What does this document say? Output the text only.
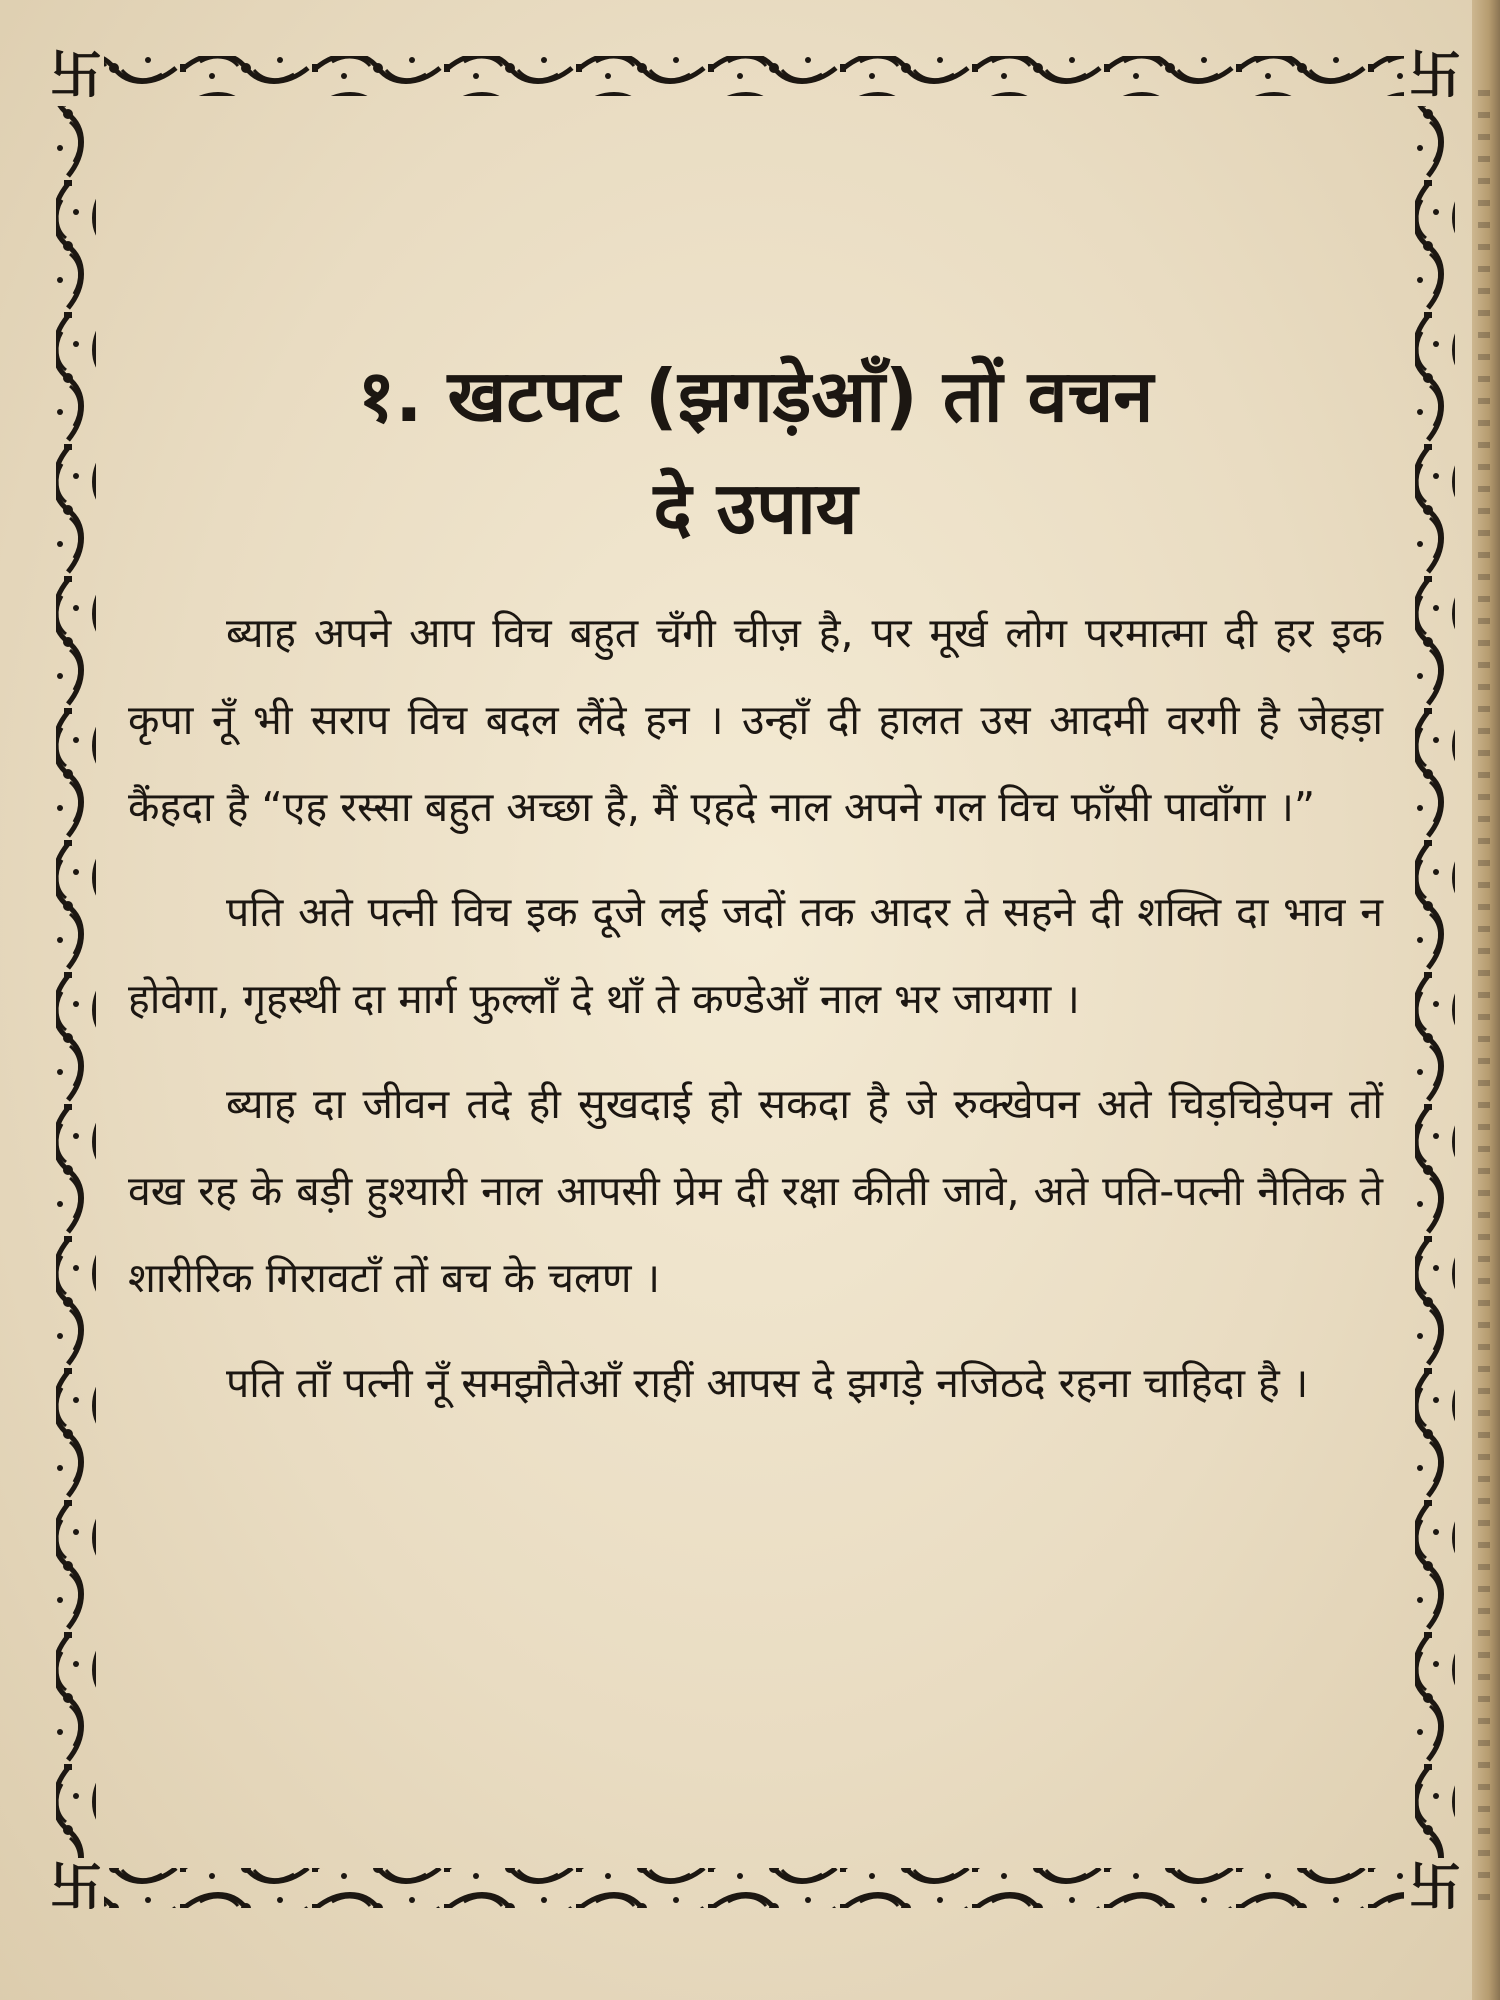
卐	卐
卐	卐
१. खटपट (झगड़ेआँ) तों वचन
दे उपाय

ब्याह अपने आप विच बहुत चँगी चीज़ है, पर मूर्ख लोग परमात्मा दी हर इक कृपा नूँ भी सराप विच बदल लैंदे हन । उन्हाँ दी हालत उस आदमी वरगी है जेहड़ा कैंहदा है “एह रस्सा बहुत अच्छा है, मैं एहदे नाल अपने गल विच फाँसी पावाँगा ।”

पति अते पत्नी विच इक दूजे लई जदों तक आदर ते सहने दी शक्ति दा भाव न होवेगा, गृहस्थी दा मार्ग फुल्लाँ दे थाँ ते कण्डेआँ नाल भर जायगा ।

ब्याह दा जीवन तदे ही सुखदाई हो सकदा है जे रुक्खेपन अते चिड़चिड़ेपन तों वख रह के बड़ी हुश्यारी नाल आपसी प्रेम दी रक्षा कीती जावे, अते पति-पत्नी नैतिक ते शारीरिक गिरावटाँ तों बच के चलण ।

पति ताँ पत्नी नूँ समझौतेआँ राहीं आपस दे झगड़े नजिठदे रहना चाहिदा है ।
